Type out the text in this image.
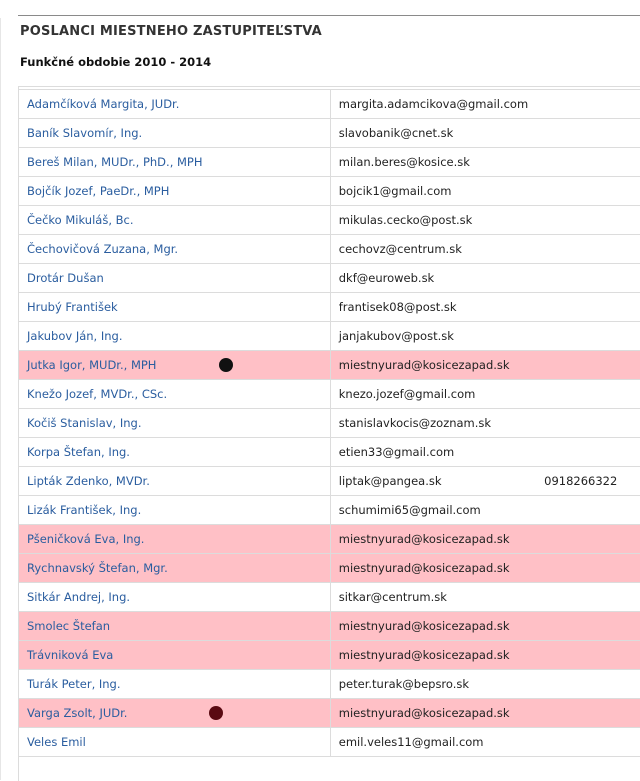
POSLANCI MIESTNEHO ZASTUPITEĽSTVA
Funkčné obdobie 2010 - 2014
Adamčíková Margita, JUDr.	margita.adamcikova@gmail.com	
Baník Slavomír, Ing.	slavobanik@cnet.sk	
Bereš Milan, MUDr., PhD., MPH	milan.beres@kosice.sk	
Bojčík Jozef, PaeDr., MPH	bojcik1@gmail.com	
Čečko Mikuláš, Bc.	mikulas.cecko@post.sk	
Čechovičová Zuzana, Mgr.	cechovz@centrum.sk	
Drotár Dušan	dkf@euroweb.sk	
Hrubý František	frantisek08@post.sk	
Jakubov Ján, Ing.	janjakubov@post.sk	
Jutka Igor, MUDr., MPH	miestnyurad@kosicezapad.sk	
Knežo Jozef, MVDr., CSc.	knezo.jozef@gmail.com	
Kočiš Stanislav, Ing.	stanislavkocis@zoznam.sk	
Korpa Štefan, Ing.	etien33@gmail.com	
Lipták Zdenko, MVDr.	liptak@pangea.sk	0918266322
Lizák František, Ing.	schumimi65@gmail.com	
Pšeničková Eva, Ing.	miestnyurad@kosicezapad.sk	
Rychnavský Štefan, Mgr.	miestnyurad@kosicezapad.sk	
Sitkár Andrej, Ing.	sitkar@centrum.sk	
Smolec Štefan	miestnyurad@kosicezapad.sk	
Trávniková Eva	miestnyurad@kosicezapad.sk	
Turák Peter, Ing.	peter.turak@bepsro.sk	
Varga Zsolt, JUDr.	miestnyurad@kosicezapad.sk	
Veles Emil	emil.veles11@gmail.com	
